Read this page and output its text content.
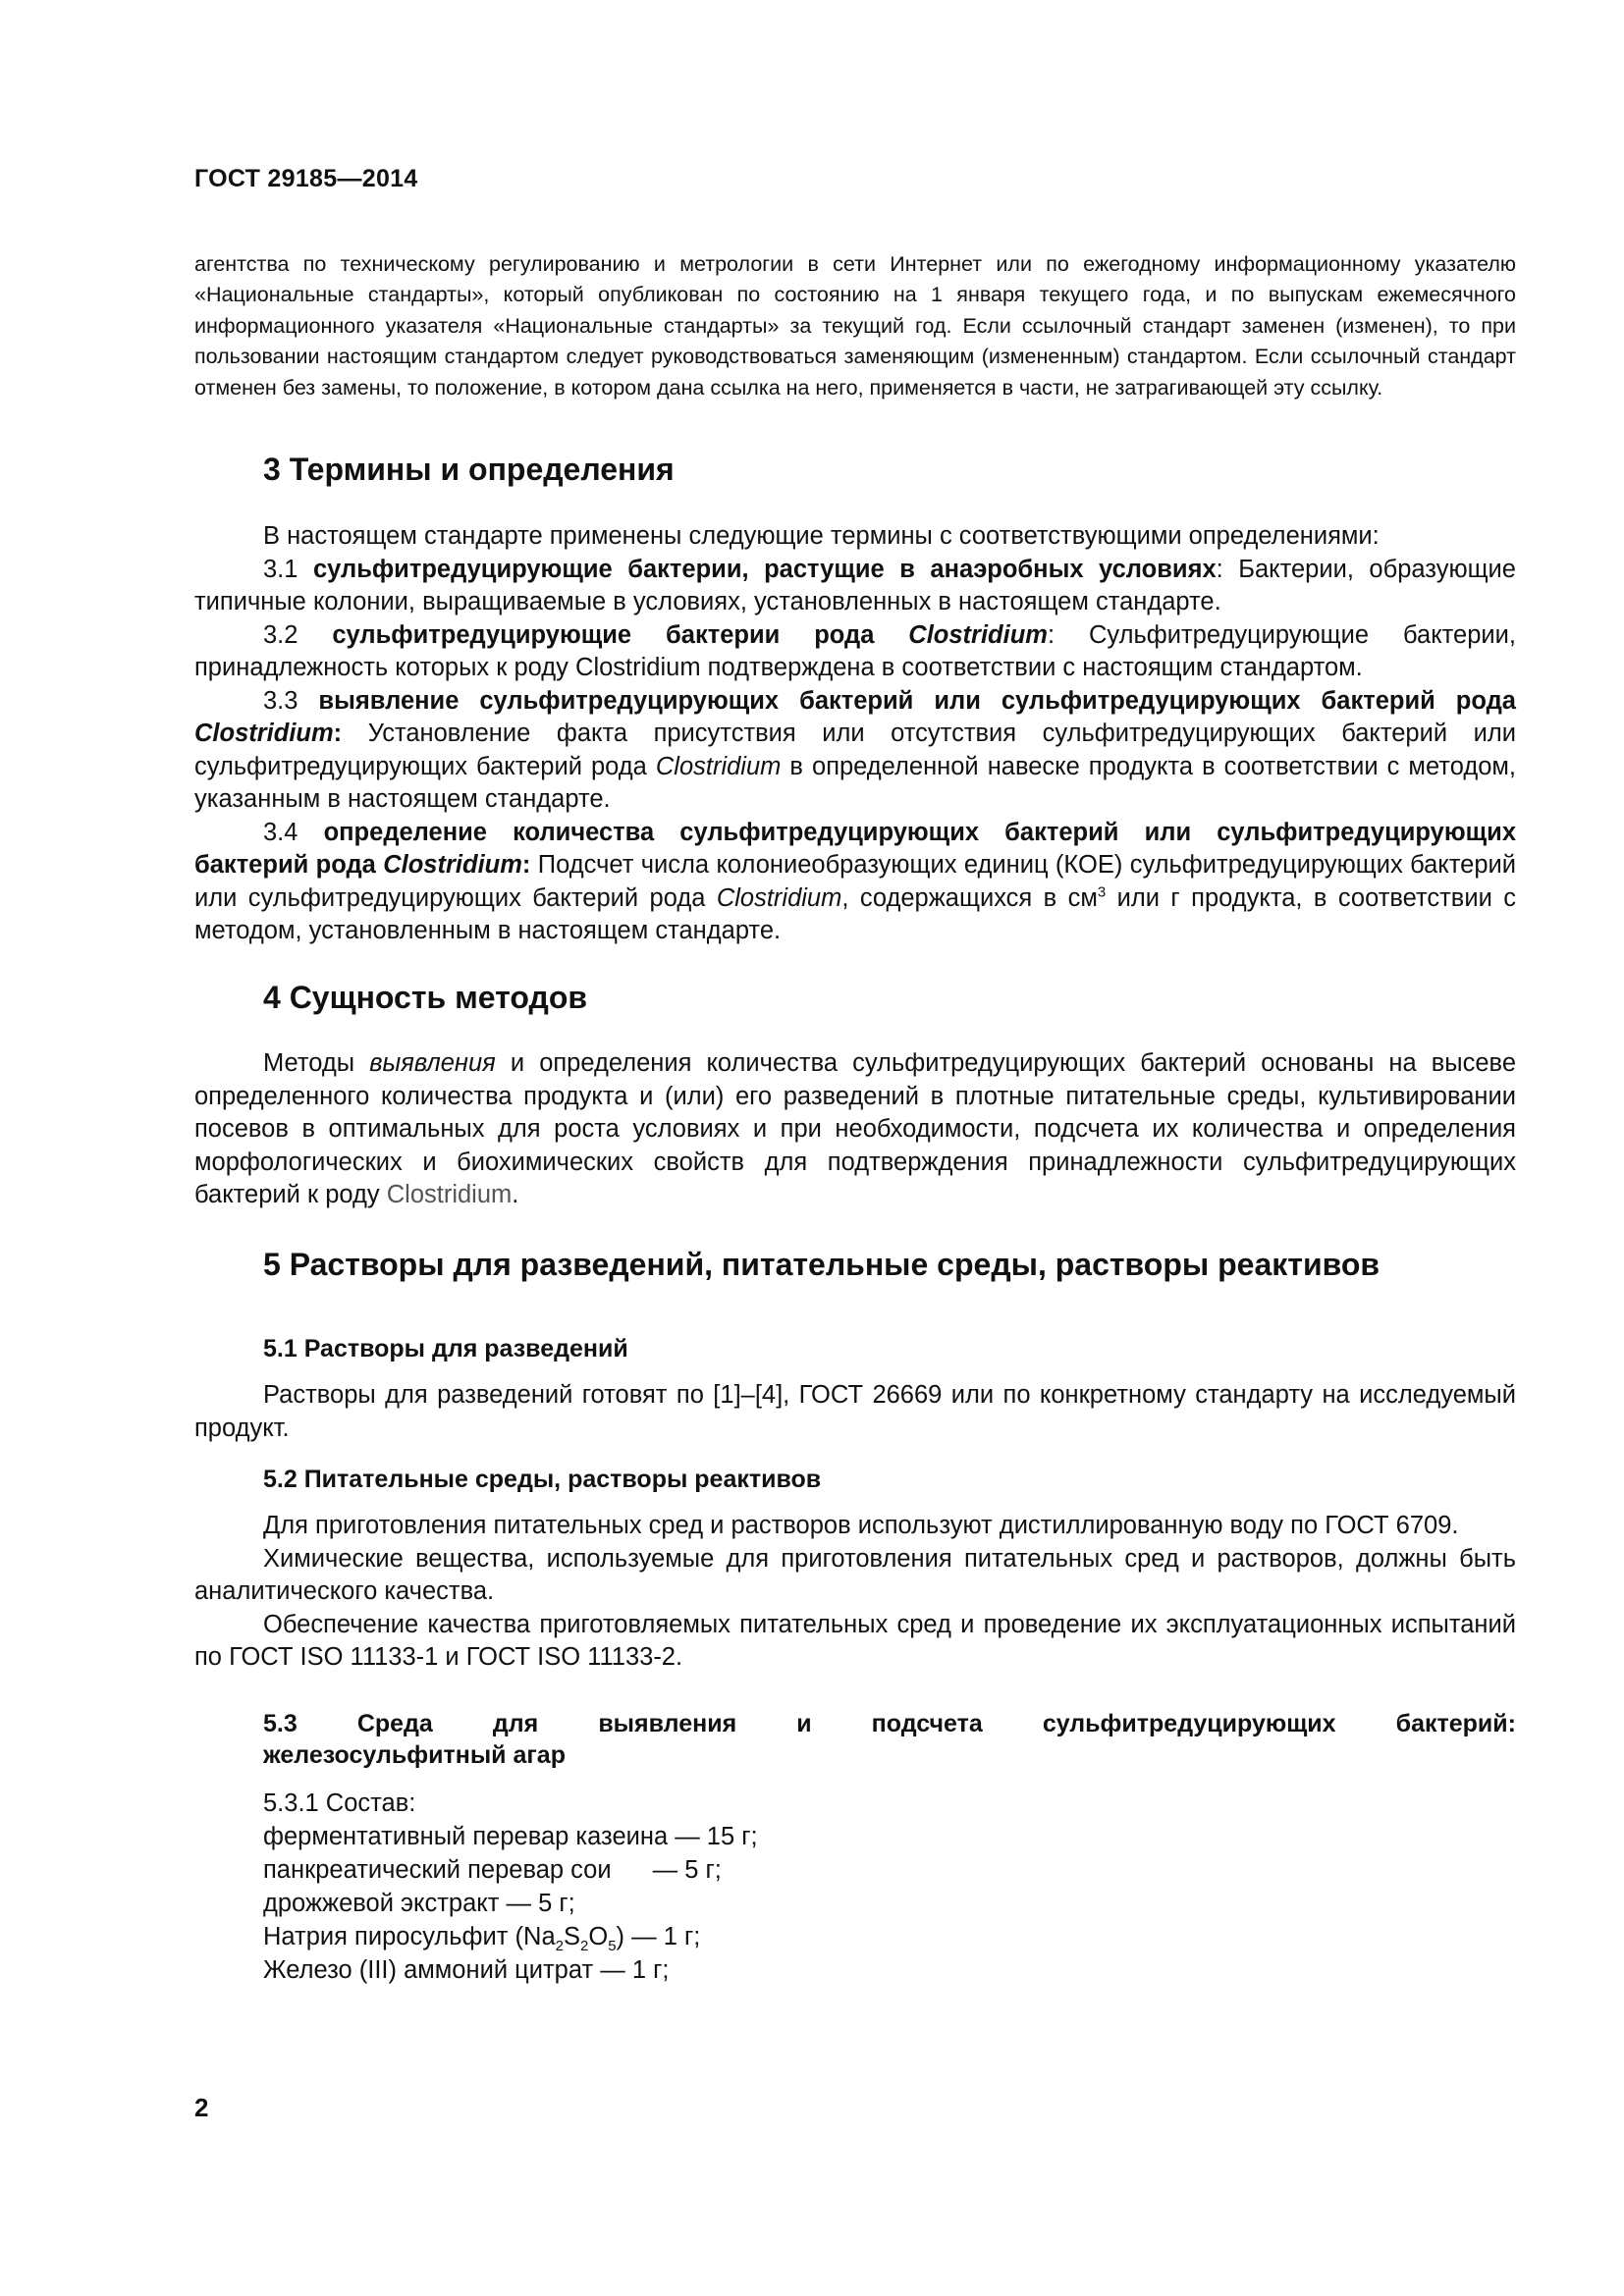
ГОСТ 29185—2014

агентства по техническому регулированию и метрологии в сети Интернет или по ежегодному информационному указателю «Национальные стандарты», который опубликован по состоянию на 1 января текущего года, и по выпускам ежемесячного информационного указателя «Национальные стандарты» за текущий год. Если ссылочный стандарт заменен (изменен), то при пользовании настоящим стандартом следует руководствоваться заменяющим (измененным) стандартом. Если ссылочный стандарт отменен без замены, то положение, в котором дана ссылка на него, применяется в части, не затрагивающей эту ссылку.

3 Термины и определения

В настоящем стандарте применены следующие термины с соответствующими определениями:

3.1 сульфитредуцирующие бактерии, растущие в анаэробных условиях: Бактерии, образующие типичные колонии, выращиваемые в условиях, установленных в настоящем стандарте.

3.2 сульфитредуцирующие бактерии рода Clostridium: Сульфитредуцирующие бактерии, принадлежность которых к роду Clostridium подтверждена в соответствии с настоящим стандартом.

3.3 выявление сульфитредуцирующих бактерий или сульфитредуцирующих бактерий рода Clostridium: Установление факта присутствия или отсутствия сульфитредуцирующих бактерий или сульфитредуцирующих бактерий рода Clostridium в определенной навеске продукта в соответствии с методом, указанным в настоящем стандарте.

3.4 определение количества сульфитредуцирующих бактерий или сульфитредуцирующих бактерий рода Clostridium: Подсчет числа колониеобразующих единиц (КОЕ) сульфитредуцирующих бактерий или сульфитредуцирующих бактерий рода Clostridium, содержащихся в $см^3$ или г продукта, в соответствии с методом, установленным в настоящем стандарте.

4 Сущность методов

Методы выявления и определения количества сульфитредуцирующих бактерий основаны на высеве определенного количества продукта и (или) его разведений в плотные питательные среды, культивировании посевов в оптимальных для роста условиях и при необходимости, подсчета их количества и определения морфологических и биохимических свойств для подтверждения принадлежности сульфитредуцирующих бактерий к роду Clostridium.

5 Растворы для разведений, питательные среды, растворы реактивов
5.1 Растворы для разведений

Растворы для разведений готовят по [1]–[4], ГОСТ 26669 или по конкретному стандарту на исследуемый продукт.

5.2 Питательные среды, растворы реактивов

Для приготовления питательных сред и растворов используют дистиллированную воду по ГОСТ 6709.

Химические вещества, используемые для приготовления питательных сред и растворов, должны быть аналитического качества.

Обеспечение качества приготовляемых питательных сред и проведение их эксплуатационных испытаний по ГОСТ ISO 11133-1 и ГОСТ ISO 11133-2.

5.3 Среда для выявления и подсчета сульфитредуцирующих бактерий:
железосульфитный агар
5.3.1 Состав:
ферментативный перевар казеина — 15 г;
панкреатический перевар сои — 5 г;
дрожжевой экстракт — 5 г;
Натрия пиросульфит $(Na_2S_2O_5)$ — 1 г;
Железо (III) аммоний цитрат — 1 г;
2
